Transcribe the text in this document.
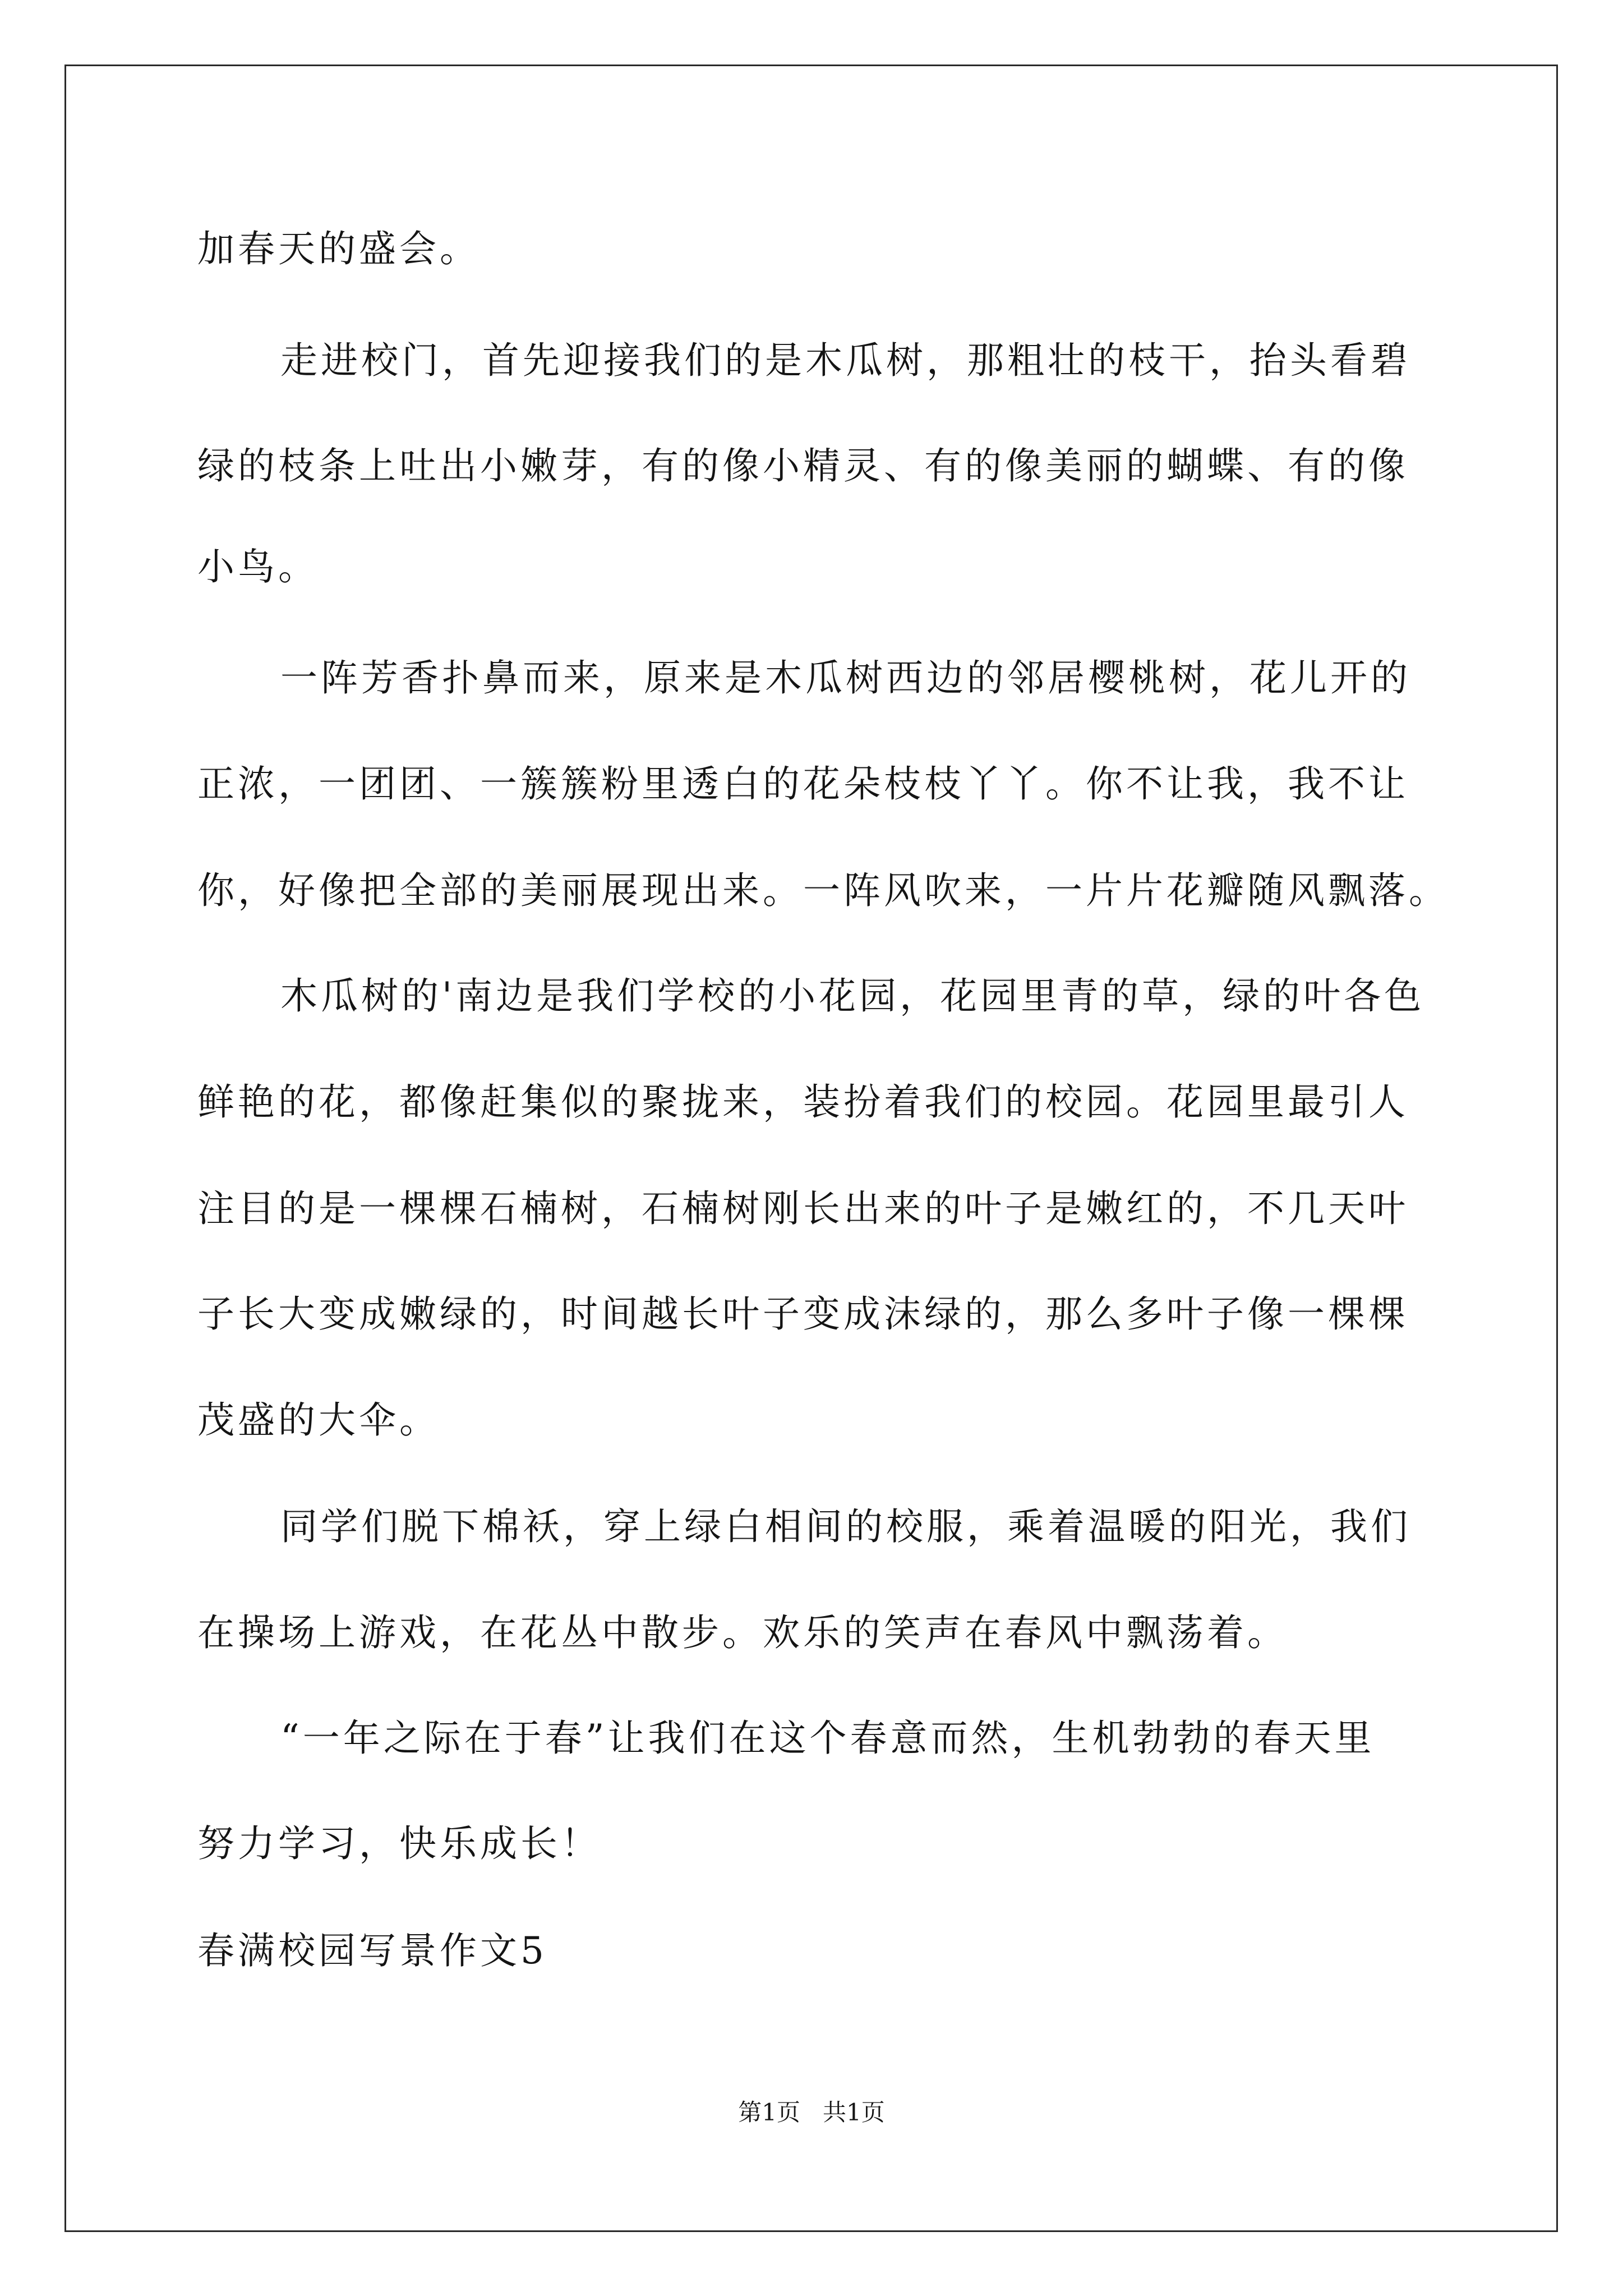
加春天的盛会。
走进校门，首先迎接我们的是木瓜树，那粗壮的枝干，抬头看碧
绿的枝条上吐出小嫩芽，有的像小精灵、有的像美丽的蝴蝶、有的像
小鸟。
一阵芳香扑鼻而来，原来是木瓜树西边的邻居樱桃树，花儿开的
正浓，一团团、一簇簇粉里透白的花朵枝枝丫丫。你不让我，我不让
你，好像把全部的美丽展现出来。一阵风吹来，一片片花瓣随风飘落。
木瓜树的'南边是我们学校的小花园，花园里青的草，绿的叶各色
鲜艳的花，都像赶集似的聚拢来，装扮着我们的校园。花园里最引人
注目的是一棵棵石楠树，石楠树刚长出来的叶子是嫩红的，不几天叶
子长大变成嫩绿的，时间越长叶子变成沫绿的，那么多叶子像一棵棵
茂盛的大伞。
同学们脱下棉袄，穿上绿白相间的校服，乘着温暖的阳光，我们
在操场上游戏，在花丛中散步。欢乐的笑声在春风中飘荡着。
“一年之际在于春”让我们在这个春意而然，生机勃勃的春天里
努力学习，快乐成长！
春满校园写景作文5
第1页   共1页
